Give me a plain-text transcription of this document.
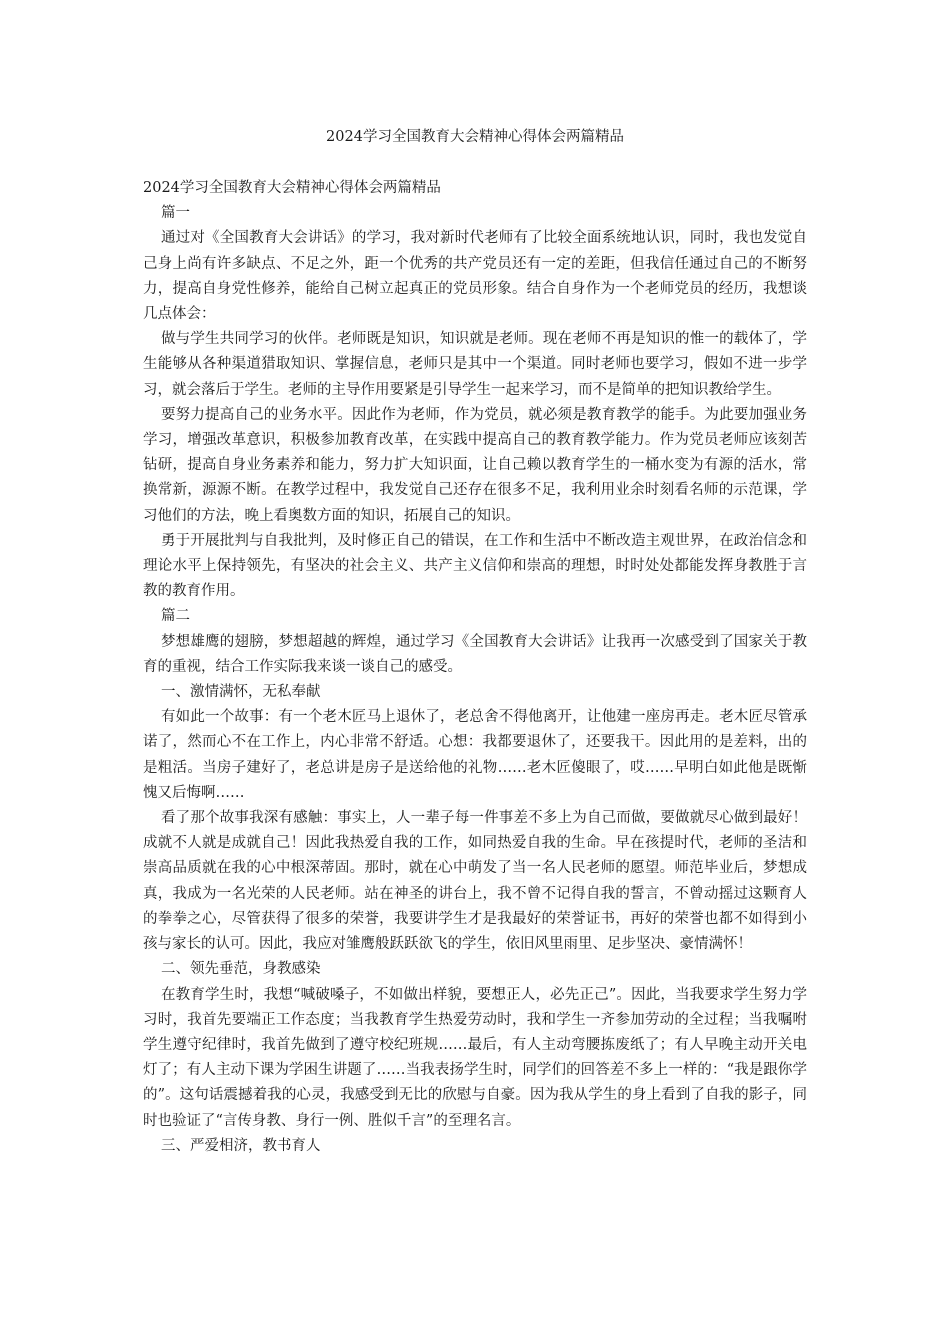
2024学习全国教育大会精神心得体会两篇精品

2024学习全国教育大会精神心得体会两篇精品

篇一

通过对《全国教育大会讲话》的学习，我对新时代老师有了比较全面系统地认识，同时，我也发觉自己身上尚有许多缺点、不足之外，距一个优秀的共产党员还有一定的差距，但我信任通过自己的不断努力，提高自身党性修养，能给自己树立起真正的党员形象。结合自身作为一个老师党员的经历，我想谈几点体会：

做与学生共同学习的伙伴。老师既是知识，知识就是老师。现在老师不再是知识的惟一的载体了，学生能够从各种渠道猎取知识、掌握信息，老师只是其中一个渠道。同时老师也要学习，假如不进一步学习，就会落后于学生。老师的主导作用要紧是引导学生一起来学习，而不是简单的把知识教给学生。

要努力提高自己的业务水平。因此作为老师，作为党员，就必须是教育教学的能手。为此要加强业务学习，增强改革意识，积极参加教育改革，在实践中提高自己的教育教学能力。作为党员老师应该刻苦钻研，提高自身业务素养和能力，努力扩大知识面，让自己赖以教育学生的一桶水变为有源的活水，常换常新，源源不断。在教学过程中，我发觉自己还存在很多不足，我利用业余时刻看名师的示范课，学习他们的方法，晚上看奥数方面的知识，拓展自己的知识。

勇于开展批判与自我批判，及时修正自己的错误，在工作和生活中不断改造主观世界，在政治信念和理论水平上保持领先，有坚决的社会主义、共产主义信仰和崇高的理想，时时处处都能发挥身教胜于言教的教育作用。

篇二

梦想雄鹰的翅膀，梦想超越的辉煌，通过学习《全国教育大会讲话》让我再一次感受到了国家关于教育的重视，结合工作实际我来谈一谈自己的感受。

一、激情满怀，无私奉献

有如此一个故事：有一个老木匠马上退休了，老总舍不得他离开，让他建一座房再走。老木匠尽管承诺了，然而心不在工作上，内心非常不舒适。心想：我都要退休了，还要我干。因此用的是差料，出的是粗活。当房子建好了，老总讲是房子是送给他的礼物……老木匠傻眼了，哎……早明白如此他是既惭愧又后悔啊……

看了那个故事我深有感触：事实上，人一辈子每一件事差不多上为自己而做，要做就尽心做到最好！成就不人就是成就自己！因此我热爱自我的工作，如同热爱自我的生命。早在孩提时代，老师的圣洁和崇高品质就在我的心中根深蒂固。那时，就在心中萌发了当一名人民老师的愿望。师范毕业后，梦想成真，我成为一名光荣的人民老师。站在神圣的讲台上，我不曾不记得自我的誓言，不曾动摇过这颗育人的拳拳之心，尽管获得了很多的荣誉，我要讲学生才是我最好的荣誉证书，再好的荣誉也都不如得到小孩与家长的认可。因此，我应对雏鹰般跃跃欲飞的学生，依旧风里雨里、足步坚决、豪情满怀！

二、领先垂范，身教感染

在教育学生时，我想“喊破嗓子，不如做出样貌，要想正人，必先正己”。因此，当我要求学生努力学习时，我首先要端正工作态度；当我教育学生热爱劳动时，我和学生一齐参加劳动的全过程；当我嘱咐学生遵守纪律时，我首先做到了遵守校纪班规……最后，有人主动弯腰拣废纸了；有人早晚主动开关电灯了；有人主动下课为学困生讲题了……当我表扬学生时，同学们的回答差不多上一样的：“我是跟你学的”。这句话震撼着我的心灵，我感受到无比的欣慰与自豪。因为我从学生的身上看到了自我的影子，同时也验证了“言传身教、身行一例、胜似千言”的至理名言。

三、严爱相济，教书育人
